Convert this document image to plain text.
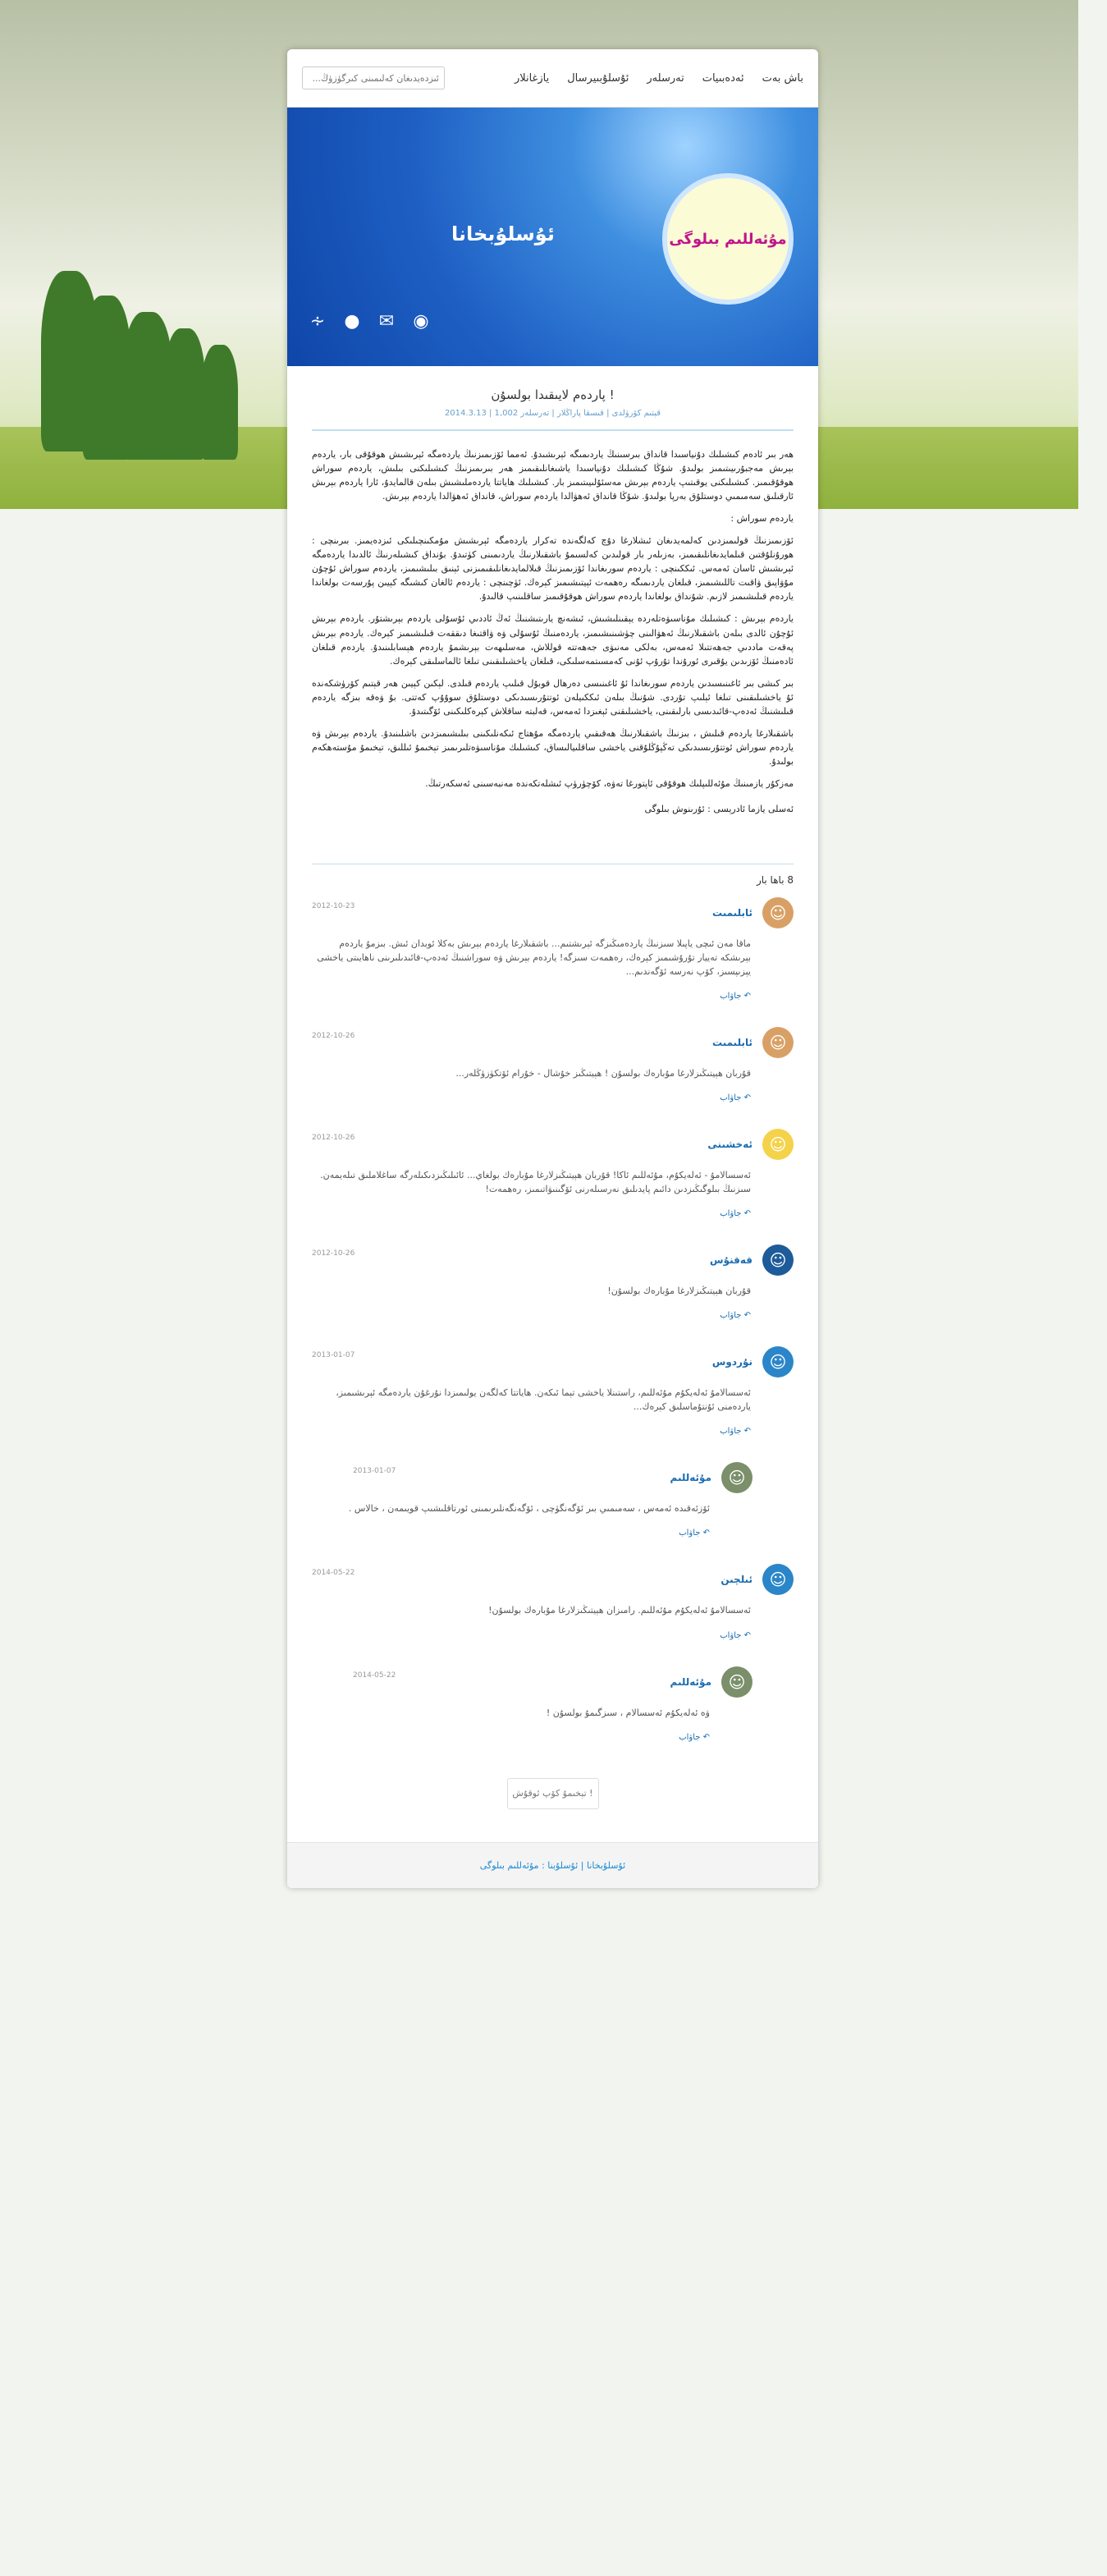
باش بەت
ئەدەبىيات
تەرسلەر
ئۇسلۇبىيرسال
يازغانلار
ئىزدەيدىغان كەلىمىنى كىرگۈزۈڭ...
مۇئەللىم بىلوگى
ئۇسلۇبخانا
∻ ● ✉ ◉
پاردەم لايىقىدا بولسۇن !
2014.3.13 | 1,002 قېتىم كۆرۈلدى | قىسقا پاراڭلار | تەرسلەر

ھەر بىر ئادەم كىشىلىك دۇنياسىدا قانداق بىرسىنىڭ ياردىمىگە ئېرىشىدۇ. ئەمما ئۆزىمىزنىڭ ياردەمگە ئېرىشىش ھوقۇقى بار، ياردەم بېرىش مەجبۇرىيىتىمىز بولىدۇ. شۇڭا كىشىلىك دۇنياسىدا ياشىغانلىقىمىز ھەر بىرىمىزنىڭ كىشىلىكنى بىلىش، ياردەم سوراش ھوقۇقىمىز. كىشىلىكنى يوقىتىپ ياردەم بېرىش مەسئۇلىيىتىمىز بار. كىشىلىك ھاياتتا ياردەملىشىش بىلەن قالمايدۇ، ئارا ياردەم بېرىش ئارقىلىق سەمىمىي دوستلۇق بەرپا بولىدۇ. شۇڭا قانداق ئەھۋالدا ياردەم سوراش، قانداق ئەھۋالدا ياردەم بېرىش.

ياردەم سوراش :

ئۆزىمىزنىڭ قولىمىزدىن كەلمەيدىغان ئىشلارغا دۇچ كەلگەندە تەكرار ياردەمگە ئېرىشىش مۇمكىنچىلىكى ئىزدەيمىز. بىرىنچى : ھورۇنلۇقتىن قىلمايدىغانلىقىمىز، بەزىلەر بار قولىدىن كەلسىمۇ باشقىلارنىڭ ياردىمىنى كۈتىدۇ. بۇنداق كىشىلەرنىڭ ئالدىدا ياردەمگە ئېرىشىش ئاسان ئەمەس. ئىككىنچى : ياردەم سورىغاندا ئۆزىمىزنىڭ قىلالمايدىغانلىقىمىزنى ئېنىق بىلىشىمىز، ياردەم سوراش ئۇچۇن مۇۋاپىق ۋاقىت تاللىشىمىز، قىلغان ياردىمىگە رەھمەت ئېيتىشىمىز كېرەك. ئۈچىنچى : ياردەم ئالغان كىشىگە كېيىن پۇرسەت بولغاندا ياردەم قىلىشىمىز لازىم. شۇنداق بولغاندا ياردەم سوراش ھوقۇقىمىز ساقلىنىپ قالىدۇ.

ياردەم بېرىش : كىشىلىك مۇناسىۋەتلەردە يېقىنلىشىش، ئىشەنچ يارىتىشنىڭ ئەڭ ئاددىي ئۇسۇلى ياردەم بېرىشتۇر. ياردەم بېرىش ئۇچۇن ئالدى بىلەن باشقىلارنىڭ ئەھۋالىنى چۈشىنىشىمىز، ياردەمنىڭ ئۇسۇلى ۋە ۋاقتىغا دىققەت قىلىشىمىز كېرەك. ياردەم بېرىش پەقەت ماددىي جەھەتتىلا ئەمەس، بەلكى مەنىۋى جەھەتتە قوللاش، مەسلىھەت بېرىشمۇ ياردەم ھېسابلىنىدۇ. ياردەم قىلغان ئادەمنىڭ ئۆزىدىن يۇقىرى ئورۇندا تۇرۇپ ئۇنى كەمسىتمەسلىكى، قىلغان ياخشىلىقىنى تىلغا ئالماسلىقى كېرەك.

بىر كىشى بىر ئاغىنىسىدىن ياردەم سورىغاندا ئۇ ئاغىنىسى دەرھال قوبۇل قىلىپ ياردەم قىلدى. لېكىن كېيىن ھەر قېتىم كۆرۈشكەندە ئۇ ياخشىلىقىنى تىلغا ئېلىپ تۇردى. شۇنىڭ بىلەن ئىككىيلەن ئوتتۇرىسىدىكى دوستلۇق سوۇۇپ كەتتى. بۇ ۋەقە بىزگە ياردەم قىلىشنىڭ ئەدەپ-قائىدىسى بارلىقىنى، ياخشىلىقنى ئېغىزدا ئەمەس، قەلبتە ساقلاش كېرەكلىكىنى ئۆگىتىدۇ.

باشقىلارغا ياردەم قىلىش ، بىزنىڭ باشقىلارنىڭ ھەقىقىي ياردەمگە مۇھتاج ئىكەنلىكىنى بىلىشىمىزدىن باشلىنىدۇ. ياردەم بېرىش ۋە ياردەم سوراش ئوتتۇرىسىدىكى تەڭپۇڭلۇقنى ياخشى ساقلىيالىساق، كىشىلىك مۇناسىۋەتلىرىمىز تېخىمۇ ئىللىق، تېخىمۇ مۇستەھكەم بولىدۇ.

مەزكۇر يازمىنىڭ مۇئەللىپلىك ھوقۇقى ئاپتورغا تەۋە، كۆچۈرۈپ ئىشلەتكەندە مەنبەسىنى ئەسكەرتىڭ.

ئەسلى يازما ئادرېسى : ئۇرىنوش بىلوگى
8 باھا بار
☺
ئابلىمىت
2012-10-23
ماقا مەن ئىچى ياپىلا سىزنىڭ ياردەمىڭىزگە ئېرىشتىم... باشقىلارغا ياردەم بېرىش بەكلا ئوبدان ئىش. بىزمۇ ياردەم بېرىشكە تەييار تۇرۇشىمىز كېرەك، رەھمەت سىزگە! ياردەم بېرىش ۋە سوراشنىڭ ئەدەپ-قائىدىلىرىنى ناھايىتى ياخشى يېزىپسىز، كۆپ نەرسە ئۆگەندىم...
↶ جاۋاب
☺
ئابلىمىت
2012-10-26
قۇربان ھېيتىڭىزلارغا مۇبارەك بولسۇن ! ھېيتىڭىز خۇشال - خۇرام ئۆتكۈزۈڭلەر...
↶ جاۋاب
☺
ئەخشىنى
2012-10-26
ئەسسالامۇ - ئەلەيكۇم، مۇئەللىم ئاكا! قۇربان ھېيتىڭىزلارغا مۇبارەك بولغاي... ئائىلىڭىزدىكىلەرگە ساغلاملىق تىلەيمەن. سىزنىڭ بىلوگىڭىزدىن دائىم پايدىلىق نەرسىلەرنى ئۆگىنىۋاتىمىز، رەھمەت!
↶ جاۋاب
☺
قەقنۇس
2012-10-26
قۇربان ھېيتىڭىزلارغا مۇبارەك بولسۇن!
↶ جاۋاب
☺
نۇردوس
2013-01-07
ئەسسالامۇ ئەلەيكۇم مۇئەللىم، راستىنلا ياخشى تېما ئىكەن. ھاياتتا كەلگەن يولىمىزدا نۇرغۇن ياردەمگە ئېرىشىمىز، ياردەمنى ئۇنتۇماسلىق كېرەك...
↶ جاۋاب
☺
مۇئەللىم
2013-01-07
ئۆزئەقىدە ئەمەس ، سەمىمىي بىر ئۆگەنگۈچى ، ئۆگەنگەنلىرىمىنى ئورتاقلىشىپ قويىمەن ، خالاس .
↶ جاۋاب
☺
ئىلچىن
2014-05-22
ئەسسالامۇ ئەلەيكۇم مۇئەللىم. رامىزان ھېيتىڭىزلارغا مۇبارەك بولسۇن!
↶ جاۋاب
☺
مۇئەللىم
2014-05-22
ۋە ئەلەيكۇم ئەسسالام ، سىزگىمۇ بولسۇن !
↶ جاۋاب
تېخىمۇ كۆپ ئوقۇش !
ئۇسلۇبخانا | ئۇسلۇبنا : مۇئەللىم بىلوگى
